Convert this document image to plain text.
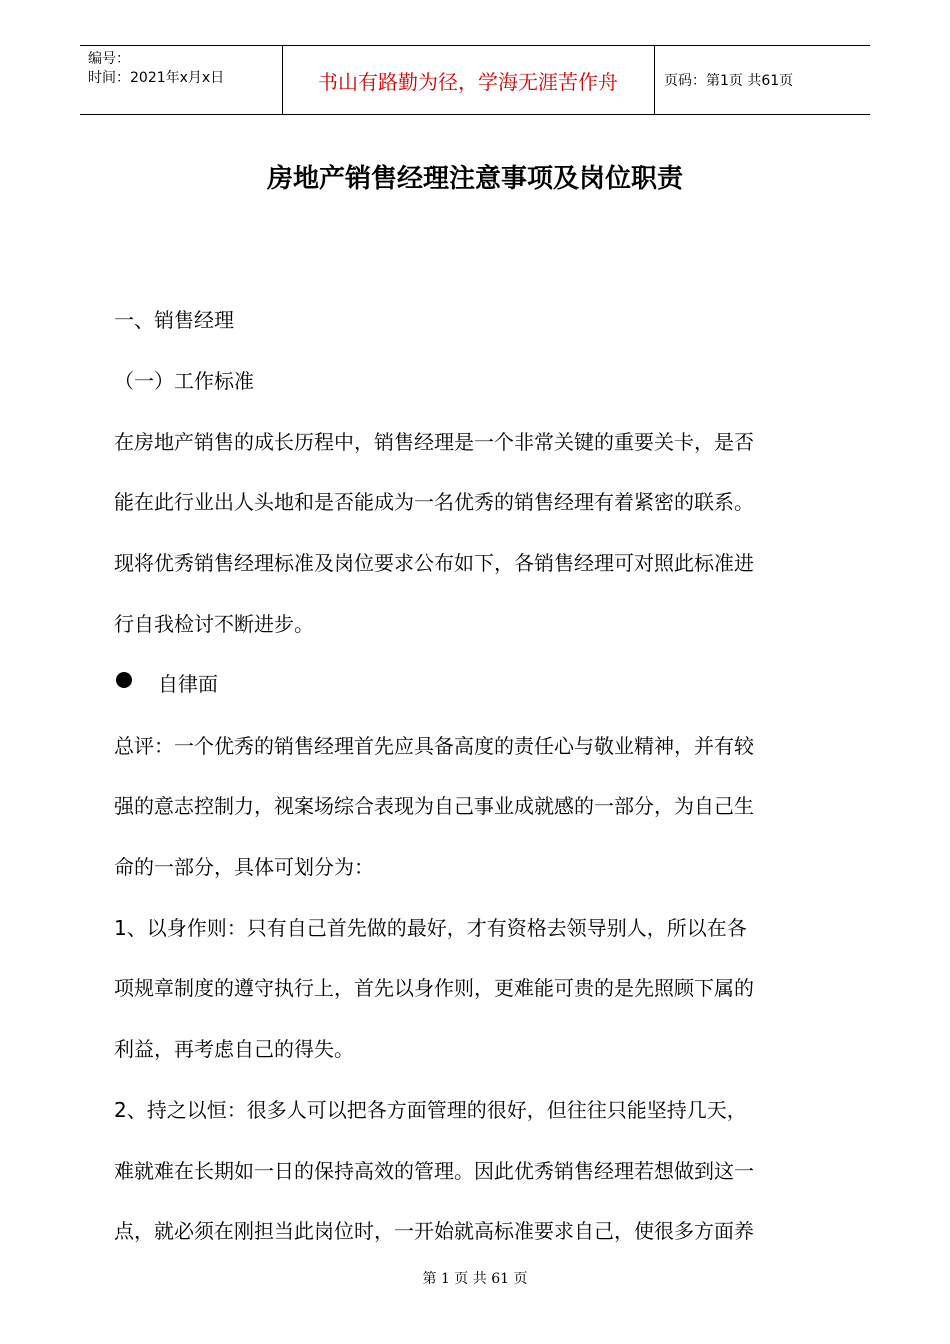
编号：
时间：2021年x月x日	书山有路勤为径，学海无涯苦作舟	页码：第1页 共61页
房地产销售经理注意事项及岗位职责
一、销售经理
（一）工作标准
在房地产销售的成长历程中，销售经理是一个非常关键的重要关卡，是否
能在此行业出人头地和是否能成为一名优秀的销售经理有着紧密的联系。
现将优秀销售经理标准及岗位要求公布如下，各销售经理可对照此标准进
行自我检讨不断进步。
自律面
总评：一个优秀的销售经理首先应具备高度的责任心与敬业精神，并有较
强的意志控制力，视案场综合表现为自己事业成就感的一部分，为自己生
命的一部分，具体可划分为：
1、以身作则：只有自己首先做的最好，才有资格去领导别人，所以在各
项规章制度的遵守执行上，首先以身作则，更难能可贵的是先照顾下属的
利益，再考虑自己的得失。
2、持之以恒：很多人可以把各方面管理的很好，但往往只能坚持几天，
难就难在长期如一日的保持高效的管理。因此优秀销售经理若想做到这一
点，就必须在刚担当此岗位时，一开始就高标准要求自己，使很多方面养
第 1 页 共 61 页
